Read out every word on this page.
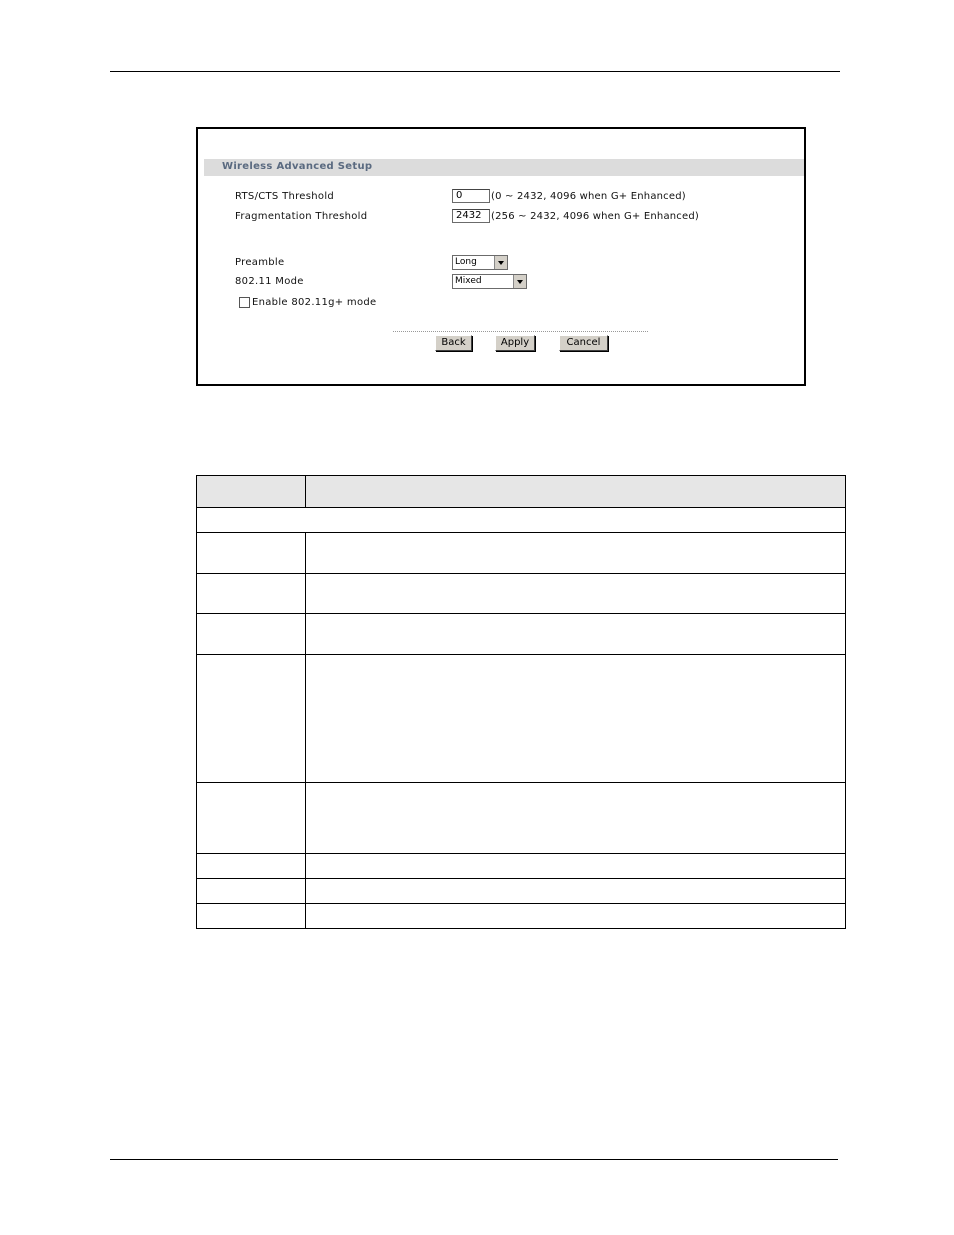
Wireless Advanced Setup
RTS/CTS Threshold	0	(0 ~ 2432, 4096 when G+ Enhanced)
Fragmentation Threshold	2432 (256 ~ 2432, 4096 when G+ Enhanced)
Preamble	Long
802.11 Mode	Mixed
Enable 802.11g+ mode
Back	Apply	Cancel
